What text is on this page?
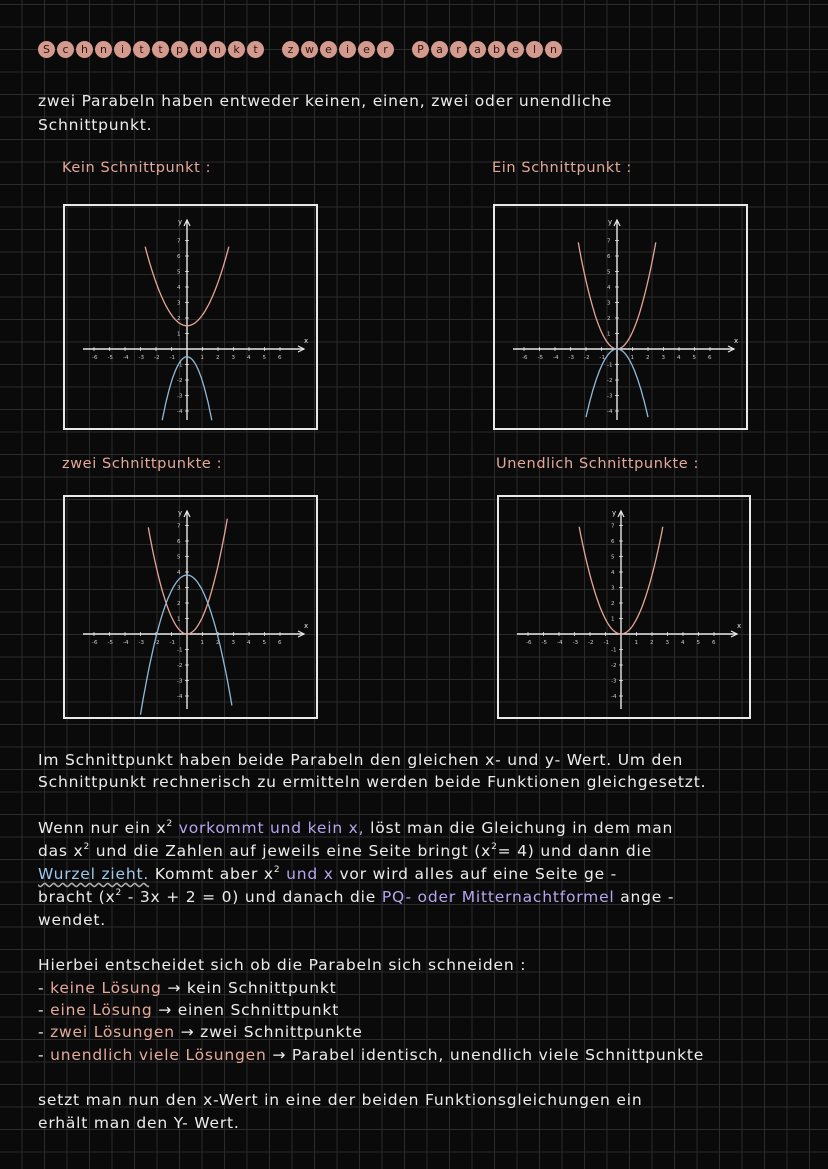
S	c	h	n	i	t	t	p	u	n	k	t	z	w	e	i	e	r	P	a	r	a	b	e	l	n
zwei Parabeln haben entweder keinen, einen, zwei oder unendliche
Schnittpunkt.
Kein Schnittpunkt :	Ein Schnittpunkt :
zwei Schnittpunkte :	Unendlich Schnittpunkte :
x
y
-6 -5 -4 -3 -2 -1	1 2 3 4 5 6
1
2
3
4
5
6
7
-1
-2
-3
-4
x
y
-6 -5 -4 -3 -2 -1	1 2 3 4 5 6
1
2
3
4
5
6
7
-1
-2
-3
-4
x
y
-6 -5 -4 -3 -2 -1	1 2 3 4 5 6
1
2
3
4
5
6
7
-1
-2
-3
-4
x
y
-6 -5 -4 -3 -2 -1	1 2 3 4 5 6
1
2
3
4
5
6
7
-1
-2
-3
-4
Im Schnittpunkt haben beide Parabeln den gleichen x- und y- Wert. Um den
Schnittpunkt rechnerisch zu ermitteln werden beide Funktionen gleichgesetzt.
Wenn nur ein $x^2$ vorkommt und kein x, löst man die Gleichung in dem man
das $x^2$ und die Zahlen auf jeweils eine Seite bringt $(x^2= 4)$ und dann die
Wurzel zieht. Kommt aber $x^2$ und x vor wird alles auf eine Seite ge -
bracht $(x^2 - 3x + 2 = 0)$ und danach die PQ- oder Mitternachtformel ange -
wendet.
Hierbei entscheidet sich ob die Parabeln sich schneiden :
- keine Lösung → kein Schnittpunkt
- eine Lösung → einen Schnittpunkt
- zwei Lösungen → zwei Schnittpunkte
- unendlich viele Lösungen → Parabel identisch, unendlich viele Schnittpunkte
setzt man nun den x-Wert in eine der beiden Funktionsgleichungen ein
erhält man den Y- Wert.
